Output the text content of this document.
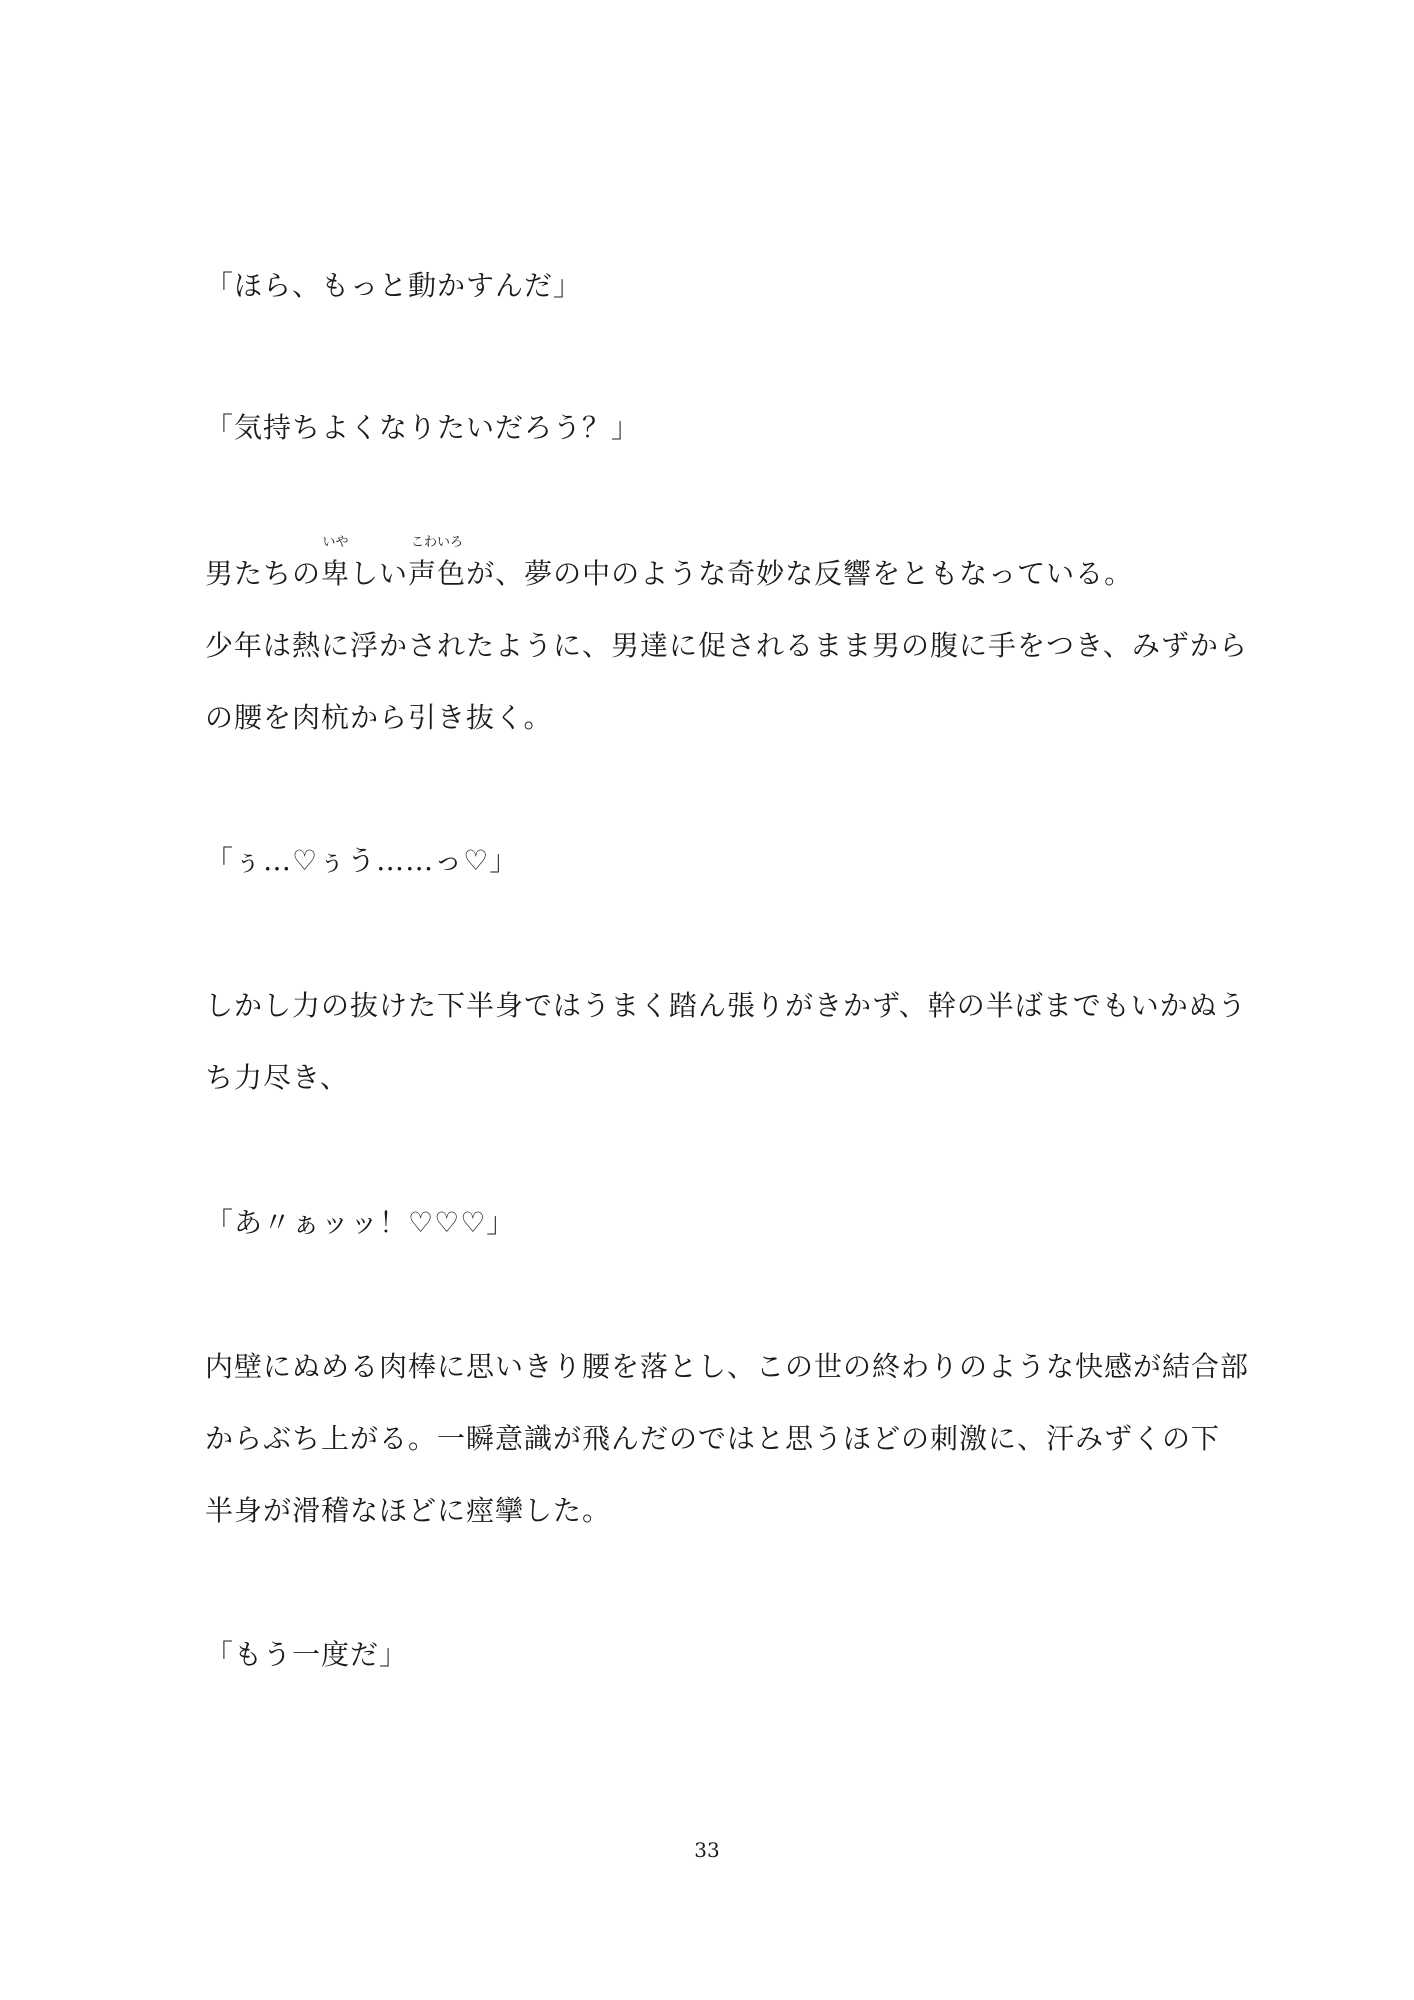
「ほら、もっと動かすんだ」
「気持ちよくなりたいだろう？」
男たちの
いや
卑しい
こわいろ
声色が、夢の中のような奇妙な反響をともなっている。
少年は熱に浮かされたように、男達に促されるまま男の腹に手をつき、みずから
の腰を肉杭から引き抜く。
「ぅ…♡ぅう……っ♡」
しかし力の抜けた下半身ではうまく踏ん張りがきかず、幹の半ばまでもいかぬう
ち力尽き、
「あ〃ぁッッ！♡♡♡」
内壁にぬめる肉棒に思いきり腰を落とし、この世の終わりのような快感が結合部
からぶち上がる。一瞬意識が飛んだのではと思うほどの刺激に、汗みずくの下
半身が滑稽なほどに痙攣した。
「もう一度だ」
33
